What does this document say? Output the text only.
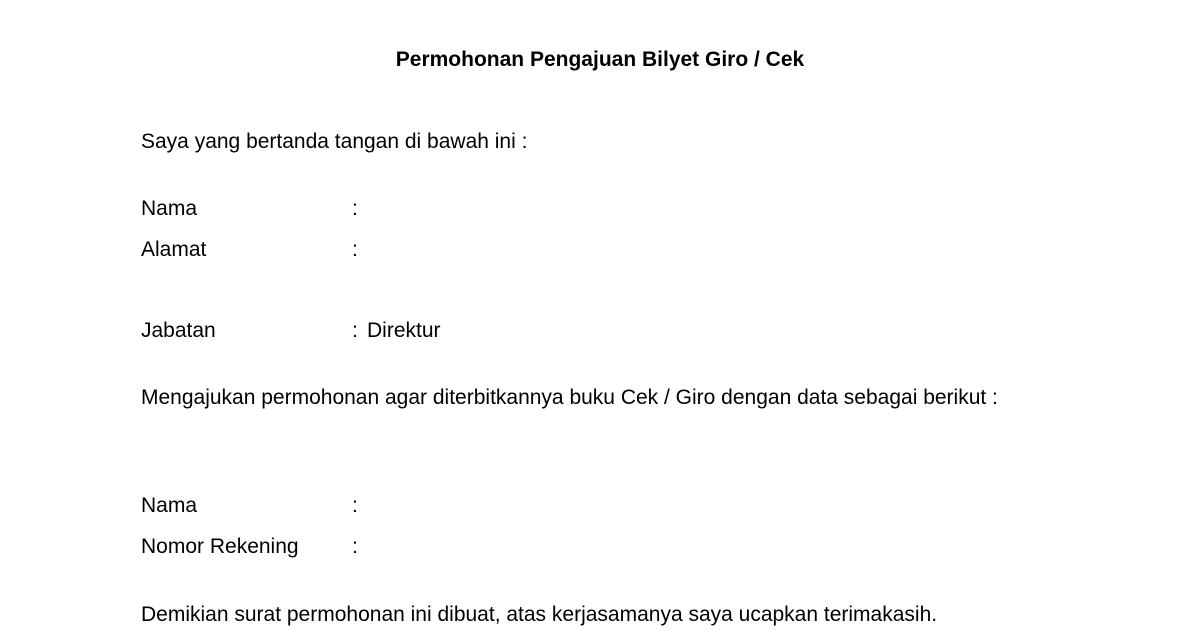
Permohonan Pengajuan Bilyet Giro / Cek
Saya yang bertanda tangan di bawah ini :
Nama	:
Alamat	:
Jabatan	: Direktur
Mengajukan permohonan agar diterbitkannya buku Cek / Giro dengan data sebagai berikut :
Nama	:
Nomor Rekening	:
Demikian surat permohonan ini dibuat, atas kerjasamanya saya ucapkan terimakasih.
